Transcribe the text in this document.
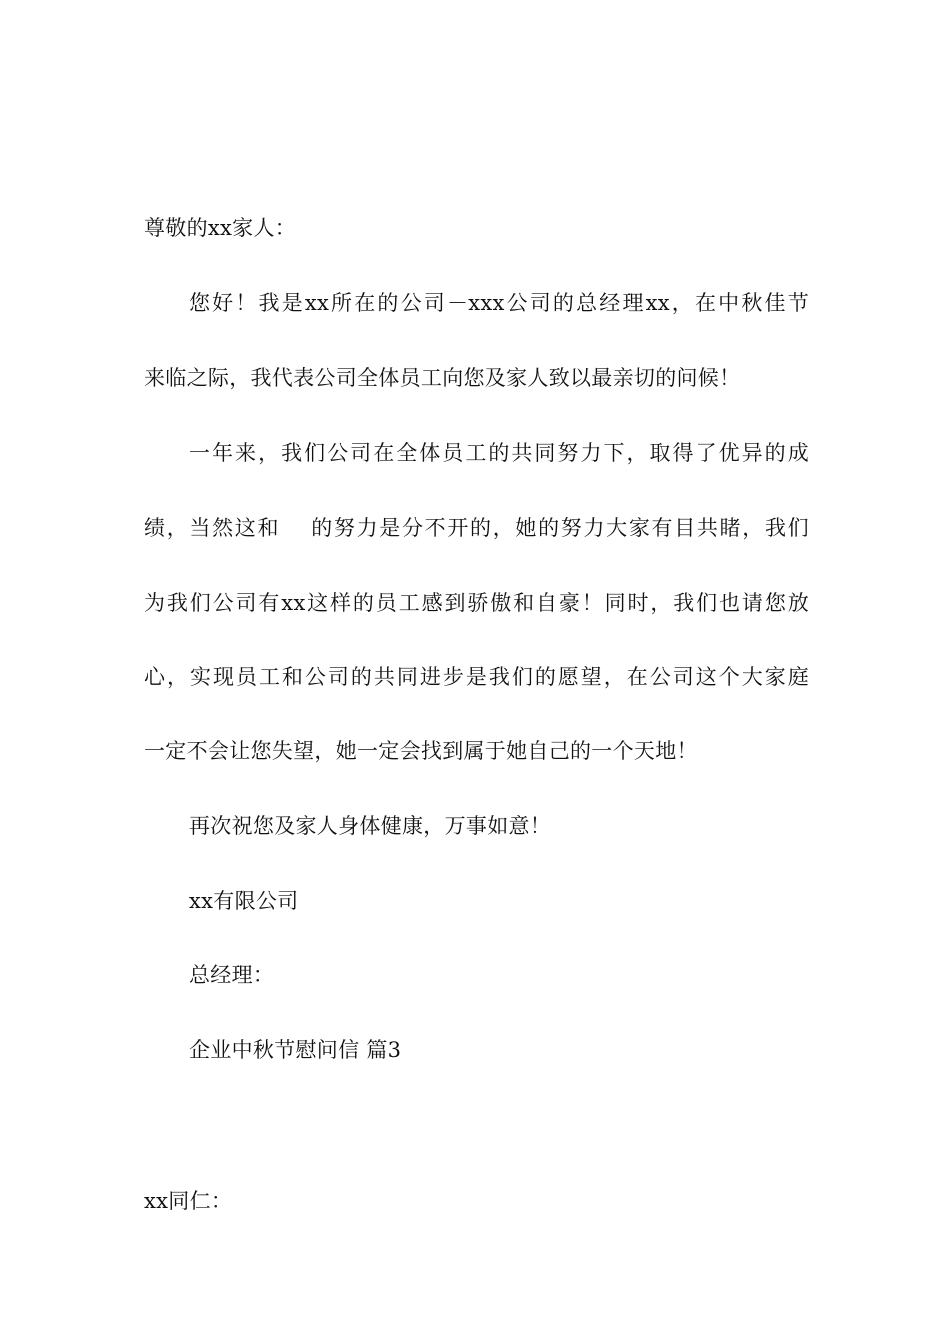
尊敬的xx家人：
您好！我是xx所在的公司－xxx公司的总经理xx，在中秋佳节
来临之际，我代表公司全体员工向您及家人致以最亲切的问候！
一年来，我们公司在全体员工的共同努力下，取得了优异的成
绩，当然这和　 的努力是分不开的，她的努力大家有目共睹，我们
为我们公司有xx这样的员工感到骄傲和自豪！同时，我们也请您放
心，实现员工和公司的共同进步是我们的愿望，在公司这个大家庭
一定不会让您失望，她一定会找到属于她自己的一个天地！
再次祝您及家人身体健康，万事如意！
xx有限公司
总经理：
企业中秋节慰问信 篇3
xx同仁：
